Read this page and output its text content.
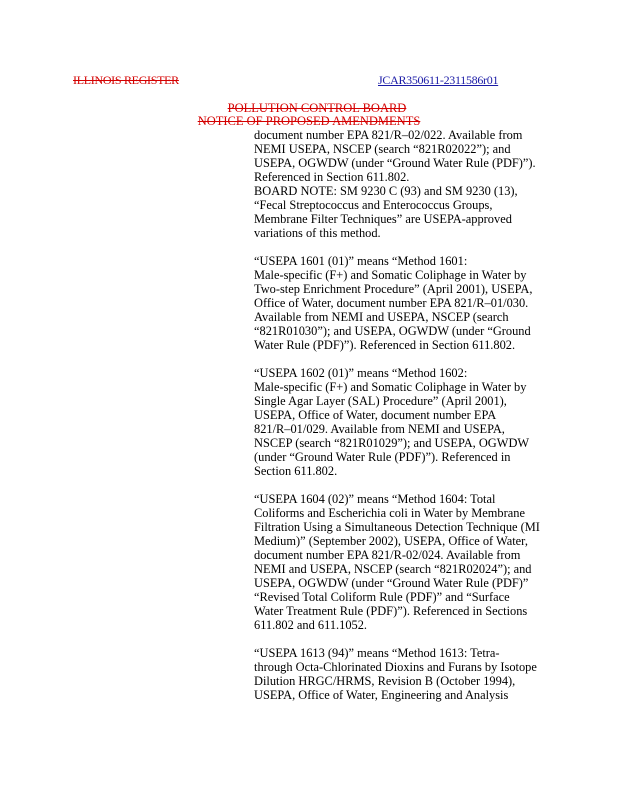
ILLINOIS REGISTER	JCAR350611-2311586r01
POLLUTION CONTROL BOARD
NOTICE OF PROPOSED AMENDMENTS
document number EPA 821/R–02/022. Available from
NEMI USEPA, NSCEP (search “821R02022”); and
USEPA, OGWDW (under “Ground Water Rule (PDF)”).
Referenced in Section 611.802.
BOARD NOTE: SM 9230 C (93) and SM 9230 (13),
“Fecal Streptococcus and Enterococcus Groups,
Membrane Filter Techniques” are USEPA-approved
variations of this method.
“USEPA 1601 (01)” means “Method 1601:
Male-specific (F+) and Somatic Coliphage in Water by
Two-step Enrichment Procedure” (April 2001), USEPA,
Office of Water, document number EPA 821/R–01/030.
Available from NEMI and USEPA, NSCEP (search
“821R01030”); and USEPA, OGWDW (under “Ground
Water Rule (PDF)”). Referenced in Section 611.802.
“USEPA 1602 (01)” means “Method 1602:
Male-specific (F+) and Somatic Coliphage in Water by
Single Agar Layer (SAL) Procedure” (April 2001),
USEPA, Office of Water, document number EPA
821/R–01/029. Available from NEMI and USEPA,
NSCEP (search “821R01029”); and USEPA, OGWDW
(under “Ground Water Rule (PDF)”). Referenced in
Section 611.802.
“USEPA 1604 (02)” means “Method 1604: Total
Coliforms and Escherichia coli in Water by Membrane
Filtration Using a Simultaneous Detection Technique (MI
Medium)” (September 2002), USEPA, Office of Water,
document number EPA 821/R-02/024. Available from
NEMI and USEPA, NSCEP (search “821R02024”); and
USEPA, OGWDW (under “Ground Water Rule (PDF)”
“Revised Total Coliform Rule (PDF)” and “Surface
Water Treatment Rule (PDF)”). Referenced in Sections
611.802 and 611.1052.
“USEPA 1613 (94)” means “Method 1613: Tetra-
through Octa-Chlorinated Dioxins and Furans by Isotope
Dilution HRGC/HRMS, Revision B (October 1994),
USEPA, Office of Water, Engineering and Analysis
